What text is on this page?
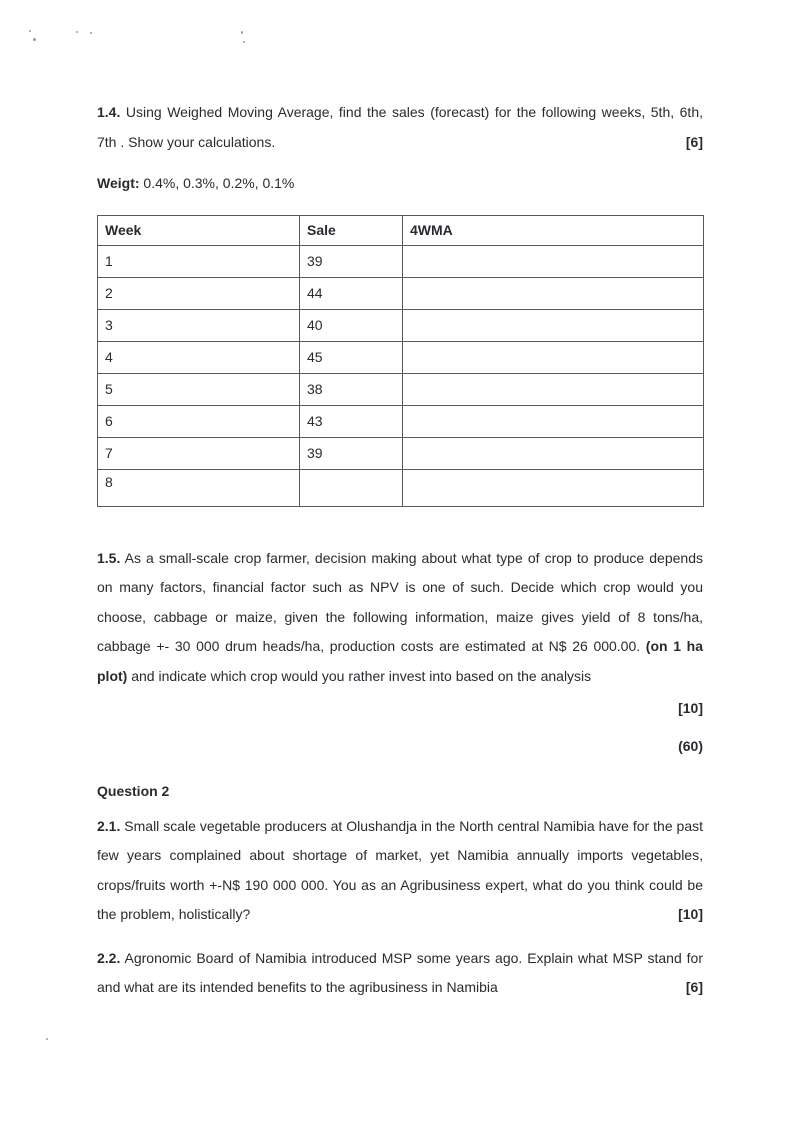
1.4. Using Weighed Moving Average, find the sales (forecast) for the following weeks, 5th, 6th, 7th . Show your calculations.	[6]

Weigt: 0.4%, 0.3%, 0.2%, 0.1%

Week	Sale	4WMA
1	39	
2	44	
3	40	
4	45	
5	38	
6	43	
7	39	
8		

1.5. As a small-scale crop farmer, decision making about what type of crop to produce depends on many factors, financial factor such as NPV is one of such. Decide which crop would you choose, cabbage or maize, given the following information, maize gives yield of 8 tons/ha, cabbage +- 30 000 drum heads/ha, production costs are estimated at N$ 26 000.00. (on 1 ha plot) and indicate which crop would you rather invest into based on the analysis

[10]

(60)

Question 2

2.1. Small scale vegetable producers at Olushandja in the North central Namibia have for the past few years complained about shortage of market, yet Namibia annually imports vegetables, crops/fruits worth +-N$ 190 000 000. You as an Agribusiness expert, what do you think could be the problem, holistically?	[10]

2.2. Agronomic Board of Namibia introduced MSP some years ago. Explain what MSP stand for and what are its intended benefits to the agribusiness in Namibia	[6]
